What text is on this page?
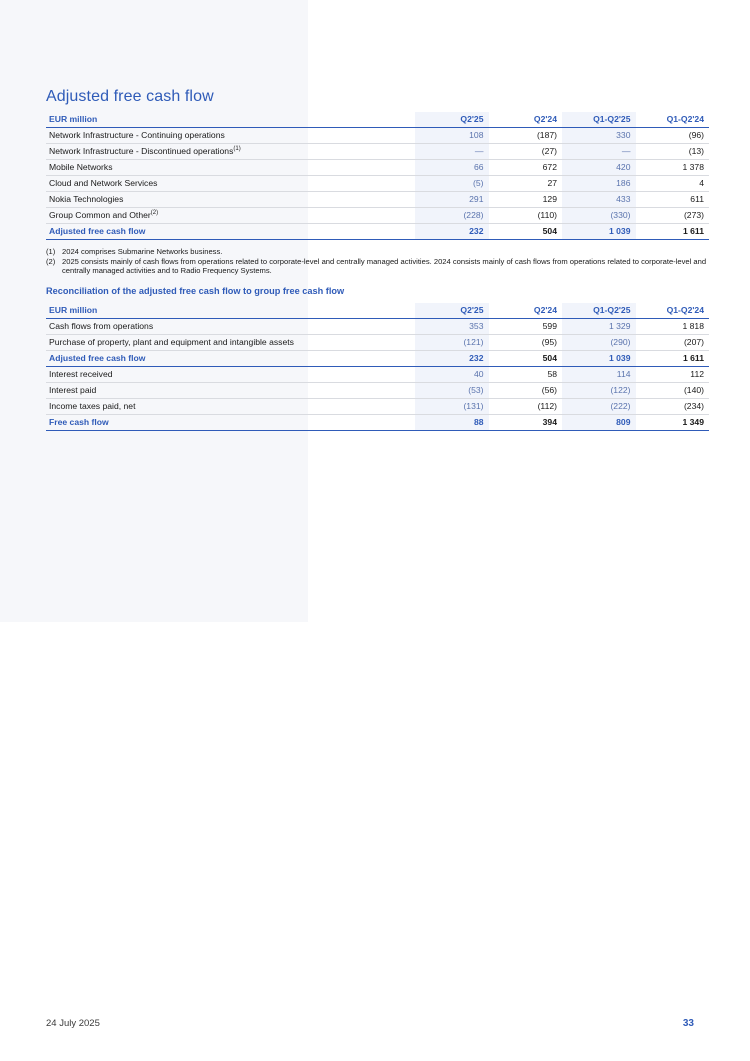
Adjusted free cash flow
EUR million	Q2'25	Q2'24	Q1-Q2'25	Q1-Q2'24
Network Infrastructure - Continuing operations	108	(187)	330	(96)
Network Infrastructure - Discontinued operations$^{(1)}$	—	(27)	—	(13)
Mobile Networks	66	672	420	1 378
Cloud and Network Services	(5)	27	186	4
Nokia Technologies	291	129	433	611
Group Common and Other$^{(2)}$	(228)	(110)	(330)	(273)
Adjusted free cash flow	232	504	1 039	1 611
(1) 2024 comprises Submarine Networks business.
(2) 2025 consists mainly of cash flows from operations related to corporate-level and centrally managed activities. 2024 consists mainly of cash flows from operations related to corporate-level and centrally managed activities and to Radio Frequency Systems.
Reconciliation of the adjusted free cash flow to group free cash flow
EUR million	Q2'25	Q2'24	Q1-Q2'25	Q1-Q2'24
Cash flows from operations	353	599	1 329	1 818
Purchase of property, plant and equipment and intangible assets	(121)	(95)	(290)	(207)
Adjusted free cash flow	232	504	1 039	1 611
Interest received	40	58	114	112
Interest paid	(53)	(56)	(122)	(140)
Income taxes paid, net	(131)	(112)	(222)	(234)
Free cash flow	88	394	809	1 349
24 July 2025	33
